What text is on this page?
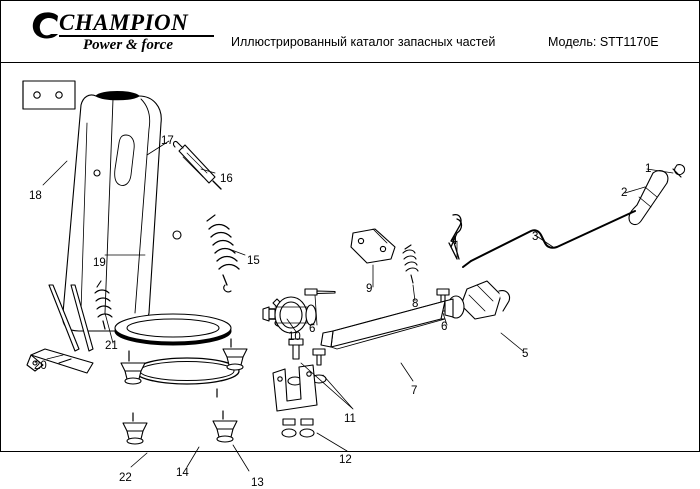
CHAMPION
Power & force	Иллюстрированный каталог запасных частей	Модель: STT1170E
1
2
3
4
5
6	6
7
8
9
10
11
12
13
14
15
16
17
18
19
20
21
22
